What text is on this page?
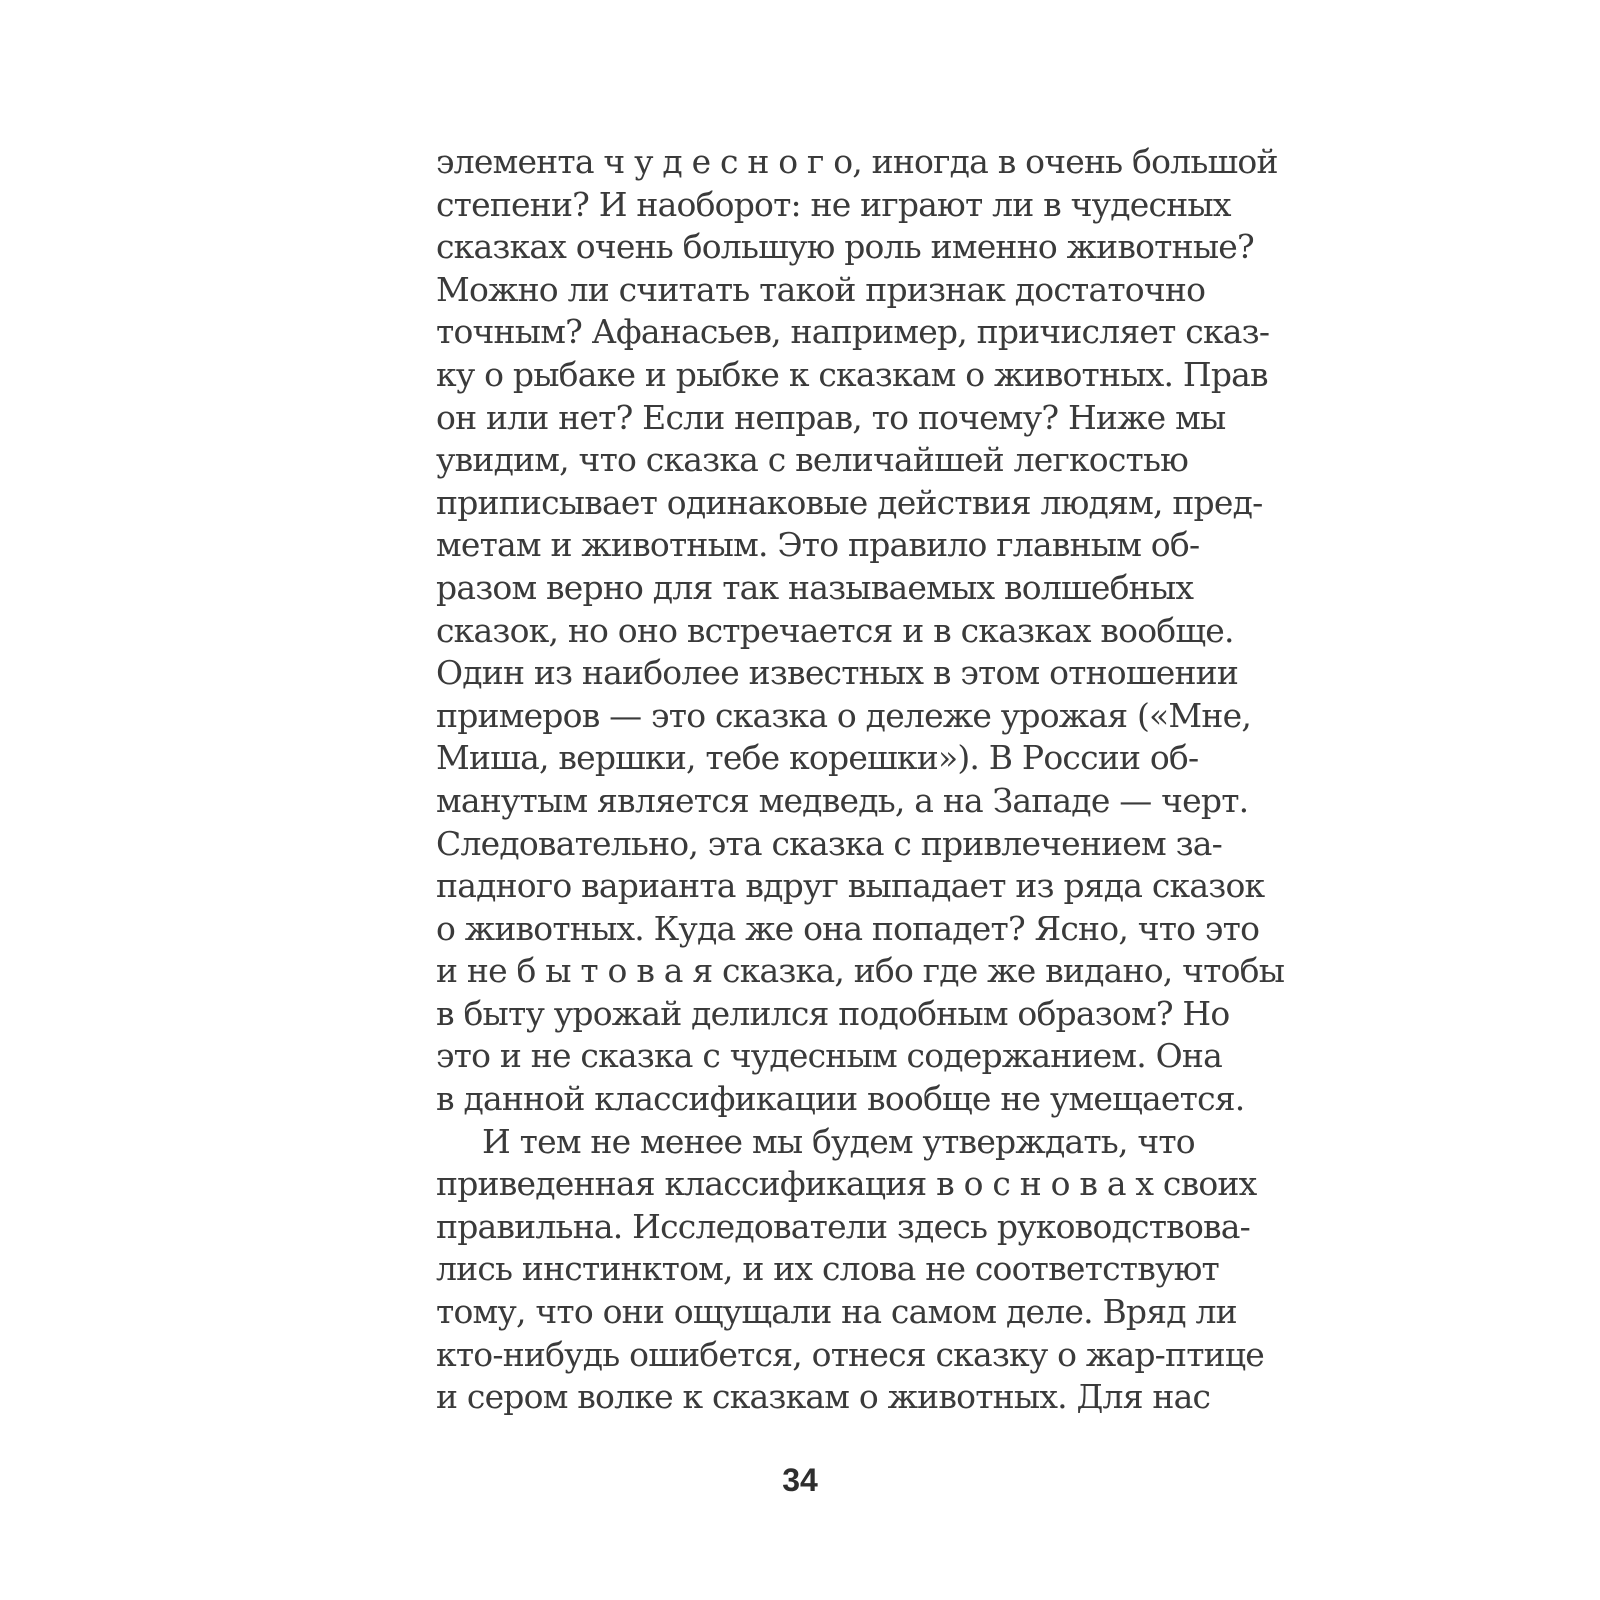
элемента ч у д е с н о г о, иногда в очень большой
степени? И наоборот: не играют ли в чудесных
сказках очень большую роль именно животные?
Можно ли считать такой признак достаточно
точным? Афанасьев, например, причисляет сказ-
ку о рыбаке и рыбке к сказкам о животных. Прав
он или нет? Если неправ, то почему? Ниже мы
увидим, что сказка с величайшей легкостью
приписывает одинаковые действия людям, пред-
метам и животным. Это правило главным об-
разом верно для так называемых волшебных
сказок, но оно встречается и в сказках вообще.
Один из наиболее известных в этом отношении
примеров — это сказка о дележе урожая («Мне,
Миша, вершки, тебе корешки»). В России об-
манутым является медведь, а на Западе — черт.
Следовательно, эта сказка с привлечением за-
падного варианта вдруг выпадает из ряда сказок
о животных. Куда же она попадет? Ясно, что это
и не б ы т о в а я сказка, ибо где же видано, чтобы
в быту урожай делился подобным образом? Но
это и не сказка с чудесным содержанием. Она
в данной классификации вообще не умещается.
И тем не менее мы будем утверждать, что
приведенная классификация в о с н о в а х своих
правильна. Исследователи здесь руководствова-
лись инстинктом, и их слова не соответствуют
тому, что они ощущали на самом деле. Вряд ли
кто-нибудь ошибется, отнеся сказку о жар-птице
и сером волке к сказкам о животных. Для нас
34
